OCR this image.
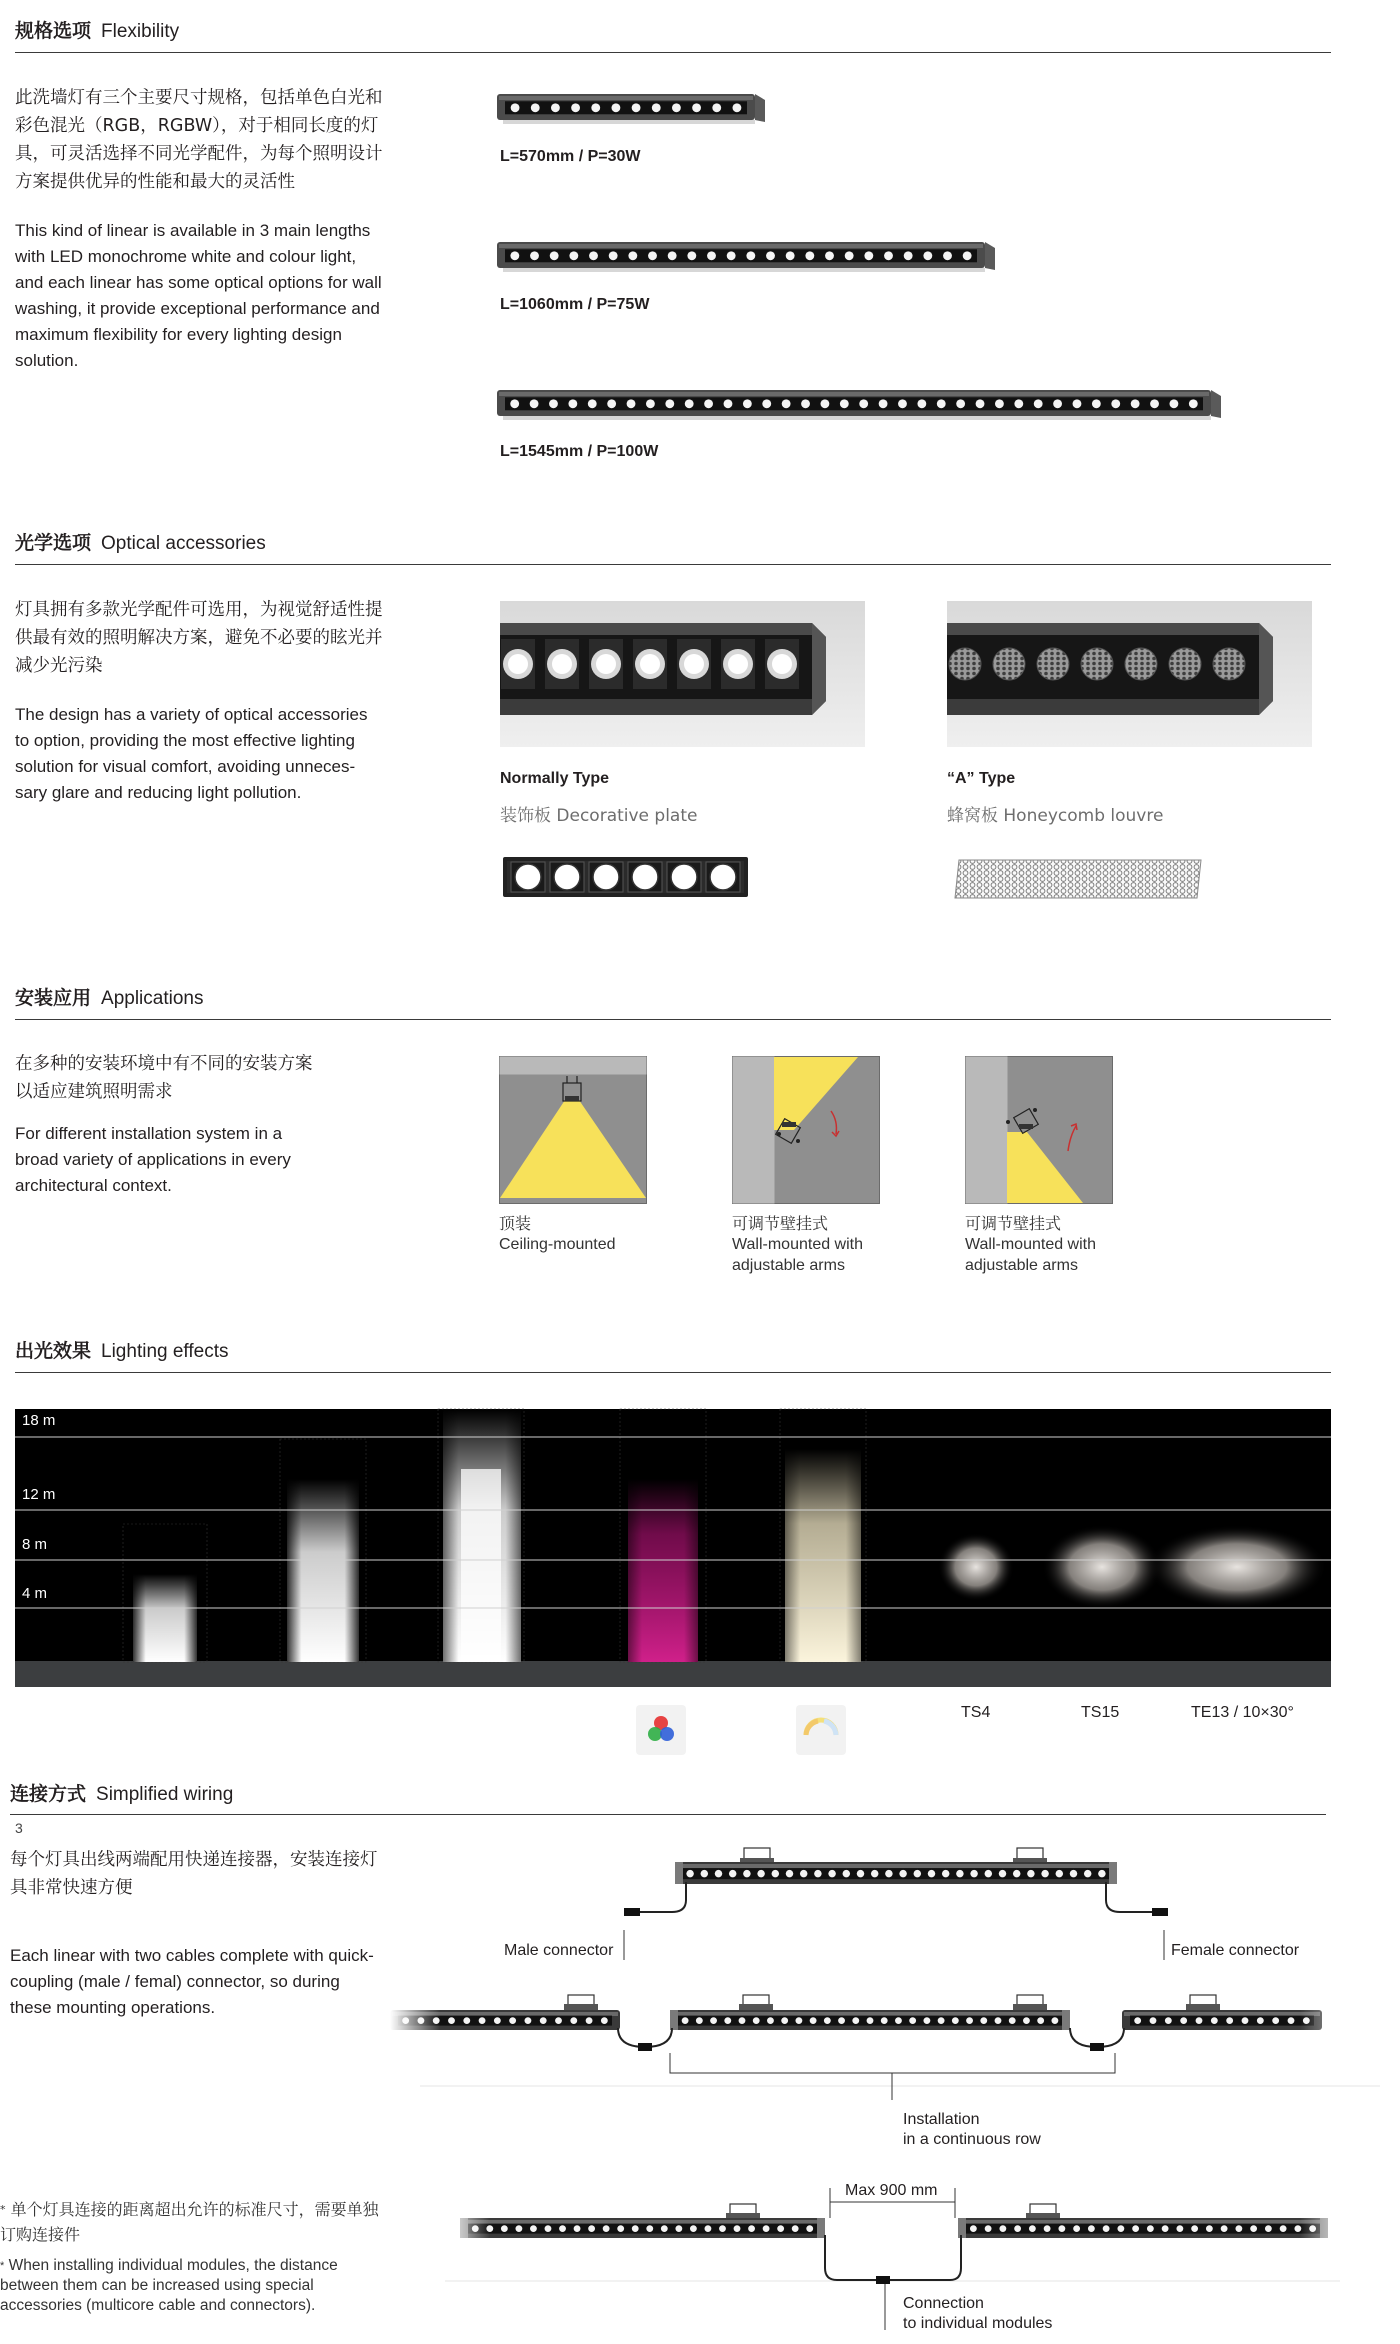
规格选项 Flexibility
此洗墙灯有三个主要尺寸规格，包括单色白光和彩色混光（RGB，RGBW），对于相同长度的灯具，可灵活选择不同光学配件，为每个照明设计方案提供优异的性能和最大的灵活性
This kind of linear is available in 3 main lengths with LED monochrome white and colour light, and each linear has some optical options for wall washing, it provide exceptional performance and maximum flexibility for every lighting design solution.
L=570mm / P=30W
L=1060mm / P=75W
L=1545mm / P=100W
光学选项 Optical accessories
灯具拥有多款光学配件可选用，为视觉舒适性提供最有效的照明解决方案，避免不必要的眩光并减少光污染
The design has a variety of optical accessories to option, providing the most effective lighting solution for visual comfort, avoiding unneces-sary glare and reducing light pollution.
Normally Type
装饰板 Decorative plate
“A” Type
蜂窝板 Honeycomb louvre
安装应用 Applications
在多种的安装环境中有不同的安装方案以适应建筑照明需求
For different installation system in a broad variety of applications in every architectural context.
顶装
Ceiling-mounted
可调节壁挂式
Wall-mounted with adjustable arms
可调节壁挂式
Wall-mounted with adjustable arms
出光效果 Lighting effects
18 m
12 m
8 m
4 m
TS4	TS15	TE13 / 10×30°
连接方式 Simplified wiring
3
每个灯具出线两端配用快递连接器，安装连接灯具非常快速方便
Each linear with two cables complete with quick-coupling (male / femal) connector, so during these mounting operations.
Male connector	Female connector
Installation
in a continuous row
* 单个灯具连接的距离超出允许的标准尺寸，需要单独订购连接件
* When installing individual modules, the distance between them can be increased using special accessories (multicore cable and connectors).
Max 900 mm
Connection
to individual modules
